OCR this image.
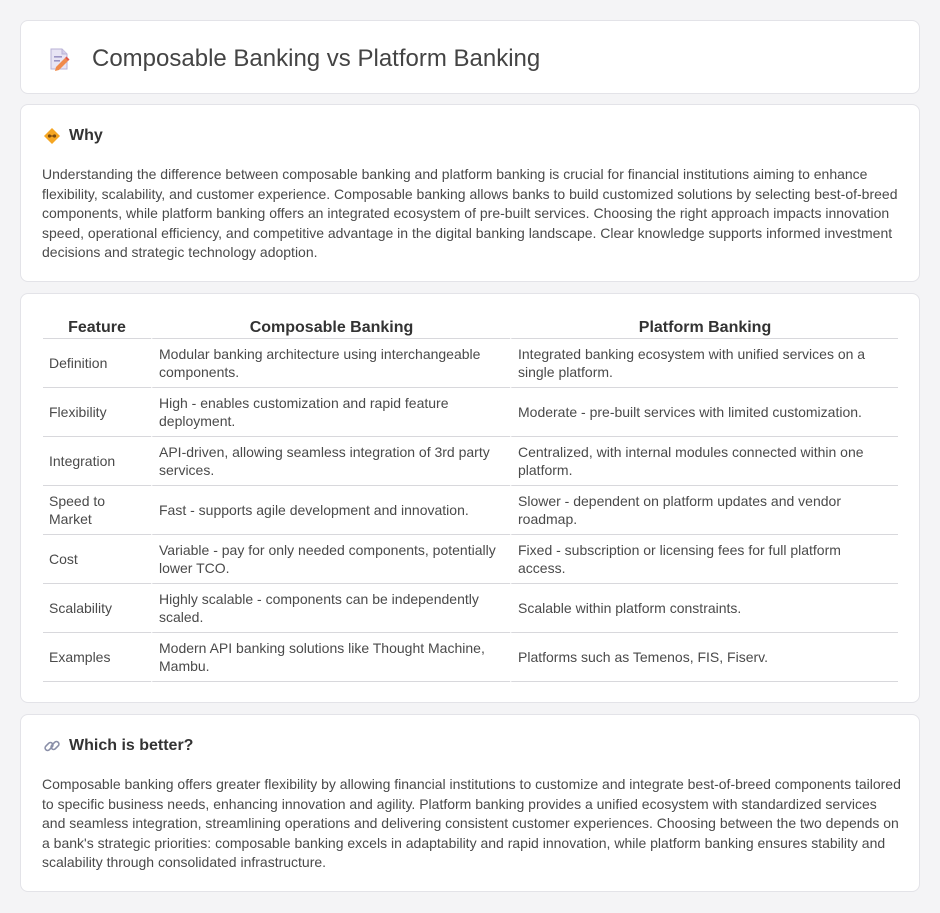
Composable Banking vs Platform Banking
Why

Understanding the difference between composable banking and platform banking is crucial for financial institutions aiming to enhance flexibility, scalability, and customer experience. Composable banking allows banks to build customized solutions by selecting best-of-breed components, while platform banking offers an integrated ecosystem of pre-built services. Choosing the right approach impacts innovation speed, operational efficiency, and competitive advantage in the digital banking landscape. Clear knowledge supports informed investment decisions and strategic technology adoption.

Feature	Composable Banking	Platform Banking
Definition	Modular banking architecture using interchangeable components.	Integrated banking ecosystem with unified services on a single platform.
Flexibility	High - enables customization and rapid feature deployment.	Moderate - pre-built services with limited customization.
Integration	API-driven, allowing seamless integration of 3rd party services.	Centralized, with internal modules connected within one platform.
Speed to Market	Fast - supports agile development and innovation.	Slower - dependent on platform updates and vendor roadmap.
Cost	Variable - pay for only needed components, potentially lower TCO.	Fixed - subscription or licensing fees for full platform access.
Scalability	Highly scalable - components can be independently scaled.	Scalable within platform constraints.
Examples	Modern API banking solutions like Thought Machine, Mambu.	Platforms such as Temenos, FIS, Fiserv.
Which is better?

Composable banking offers greater flexibility by allowing financial institutions to customize and integrate best-of-breed components tailored to specific business needs, enhancing innovation and agility. Platform banking provides a unified ecosystem with standardized services and seamless integration, streamlining operations and delivering consistent customer experiences. Choosing between the two depends on a bank's strategic priorities: composable banking excels in adaptability and rapid innovation, while platform banking ensures stability and scalability through consolidated infrastructure.
